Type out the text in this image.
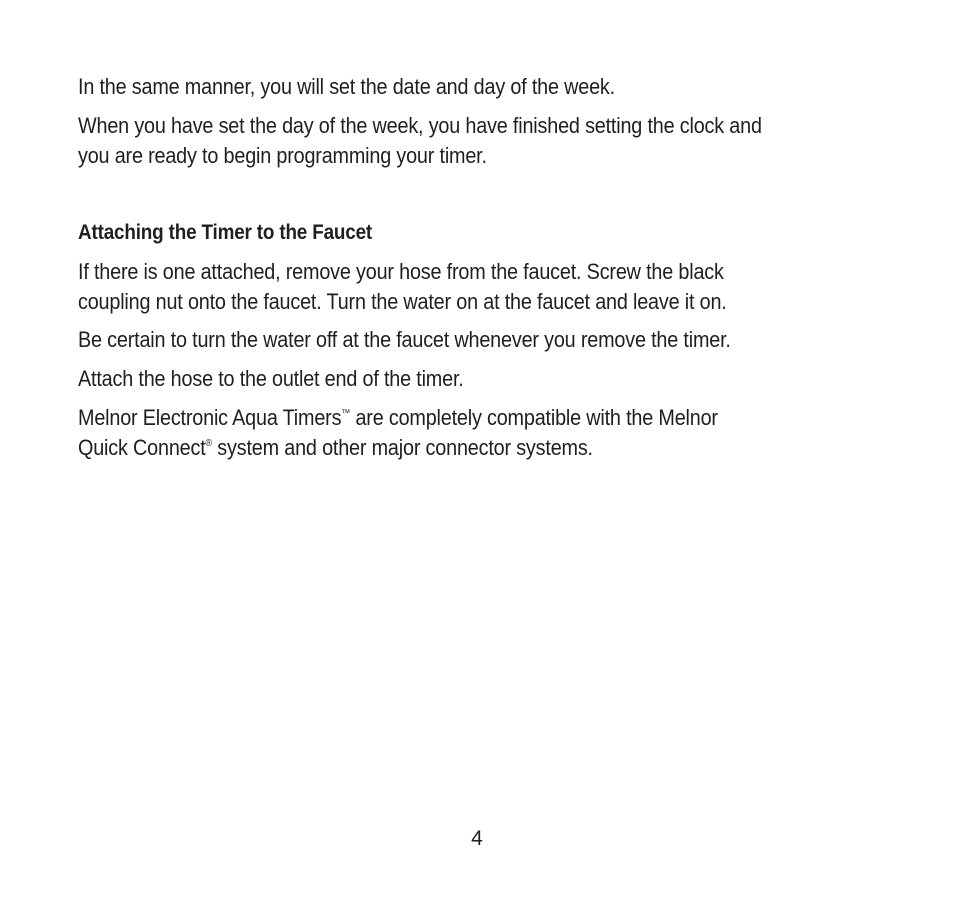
In the same manner, you will set the date and day of the week.

When you have set the day of the week, you have finished setting the clock and
you are ready to begin programming your timer.

Attaching the Timer to the Faucet

If there is one attached, remove your hose from the faucet. Screw the black
coupling nut onto the faucet. Turn the water on at the faucet and leave it on.

Be certain to turn the water off at the faucet whenever you remove the timer.

Attach the hose to the outlet end of the timer.

Melnor Electronic Aqua Timers™ are completely compatible with the Melnor
Quick Connect® system and other major connector systems.

4
